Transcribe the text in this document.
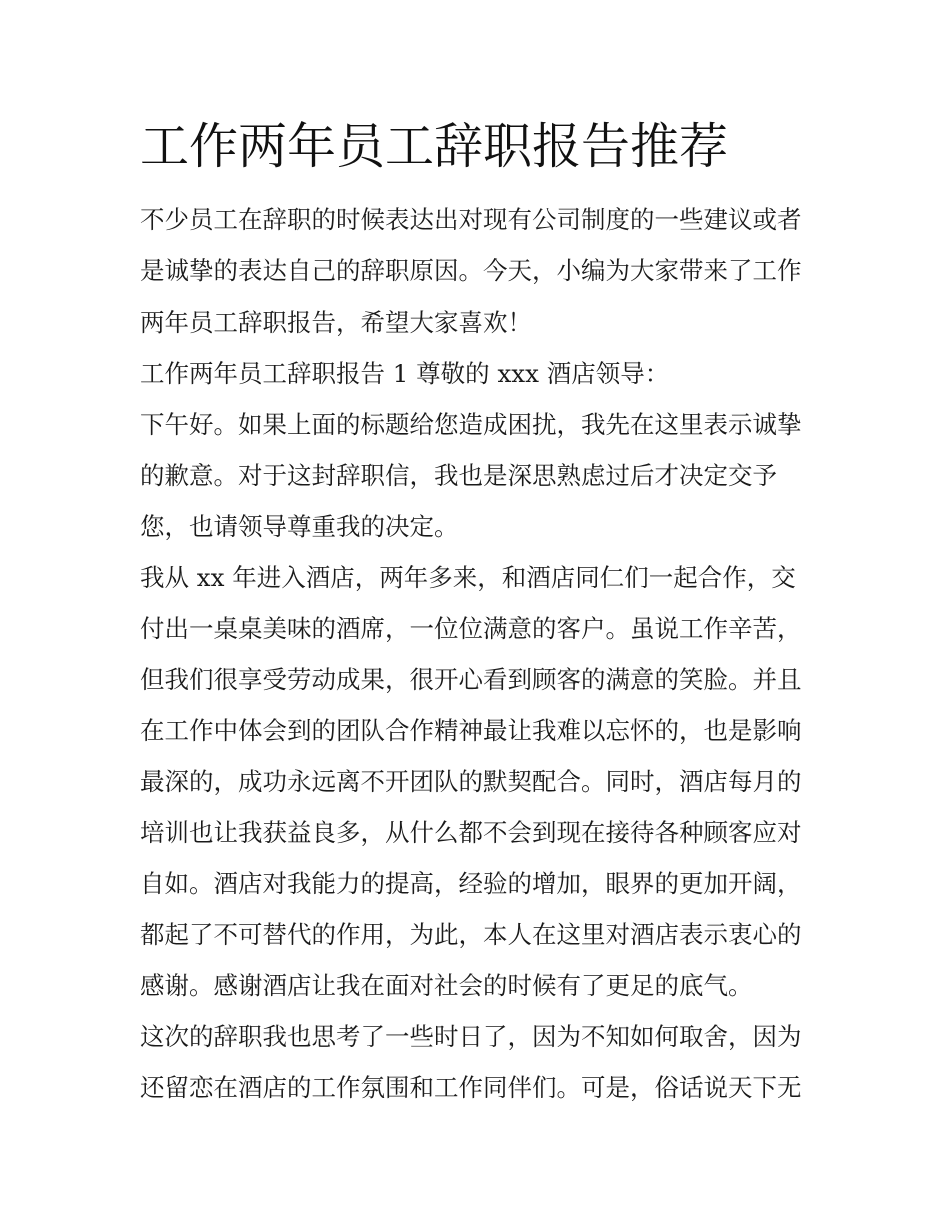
工作两年员工辞职报告推荐

不少员工在辞职的时候表达出对现有公司制度的一些建议或者

是诚挚的表达自己的辞职原因。今天，小编为大家带来了工作

两年员工辞职报告，希望大家喜欢！

工作两年员工辞职报告 1 尊敬的 xxx 酒店领导：

下午好。如果上面的标题给您造成困扰，我先在这里表示诚挚

的歉意。对于这封辞职信，我也是深思熟虑过后才决定交予

您，也请领导尊重我的决定。

我从 xx 年进入酒店，两年多来，和酒店同仁们一起合作，交

付出一桌桌美味的酒席，一位位满意的客户。虽说工作辛苦，

但我们很享受劳动成果，很开心看到顾客的满意的笑脸。并且

在工作中体会到的团队合作精神最让我难以忘怀的，也是影响

最深的，成功永远离不开团队的默契配合。同时，酒店每月的

培训也让我获益良多，从什么都不会到现在接待各种顾客应对

自如。酒店对我能力的提高，经验的增加，眼界的更加开阔，

都起了不可替代的作用，为此，本人在这里对酒店表示衷心的

感谢。感谢酒店让我在面对社会的时候有了更足的底气。

这次的辞职我也思考了一些时日了，因为不知如何取舍，因为

还留恋在酒店的工作氛围和工作同伴们。可是，俗话说天下无
